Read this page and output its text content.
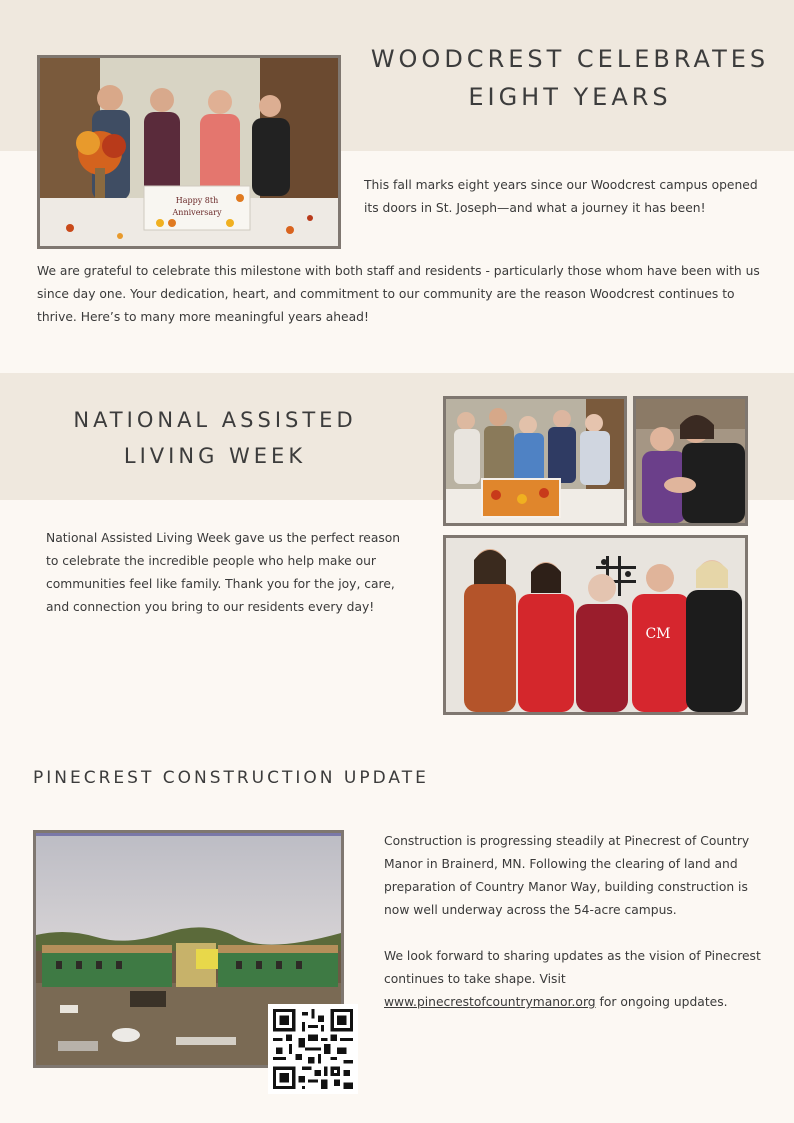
Happy 8th
Anniversary
WOODCREST CELEBRATES
EIGHT YEARS

This fall marks eight years since our Woodcrest campus opened its doors in St. Joseph—and what a journey it has been!

We are grateful to celebrate this milestone with both staff and residents - particularly those whom have been with us since day one. Your dedication, heart, and commitment to our community are the reason Woodcrest continues to thrive. Here’s to many more meaningful years ahead!

NATIONAL ASSISTED
LIVING WEEK

National Assisted Living Week gave us the perfect reason to celebrate the incredible people who help make our communities feel like family. Thank you for the joy, care, and connection you bring to our residents every day!

CM
PINECREST CONSTRUCTION UPDATE

Construction is progressing steadily at Pinecrest of Country Manor in Brainerd, MN. Following the clearing of land and preparation of Country Manor Way, building construction is now well underway across the 54-acre campus.

We look forward to sharing updates as the vision of Pinecrest continues to take shape. Visit www.pinecrestofcountrymanor.org for ongoing updates.
